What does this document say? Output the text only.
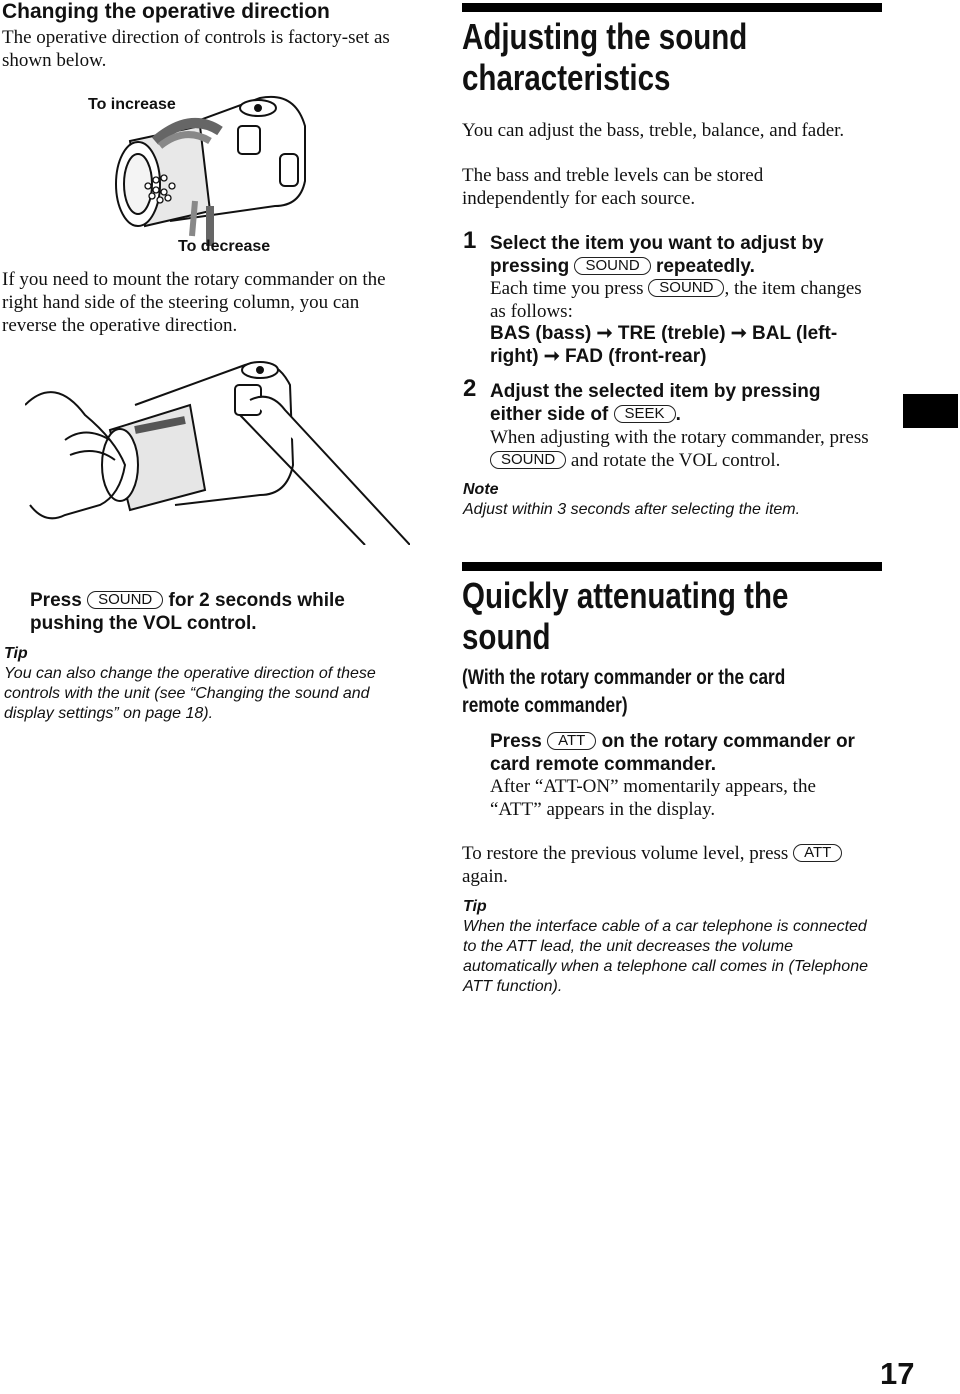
Changing the operative direction
The operative direction of controls is factory-set as shown below.
To increase
To decrease
If you need to mount the rotary commander on the right hand side of the steering column, you can reverse the operative direction.
Press SOUND for 2 seconds while pushing the VOL control.
Tip
You can also change the operative direction of these controls with the unit (see “Changing the sound and display settings” on page 18).
Adjusting the sound
characteristics
You can adjust the bass, treble, balance, and fader.
The bass and treble levels can be stored independently for each source.
1 Select the item you want to adjust by pressing SOUND repeatedly.
Each time you press SOUND , the item changes as follows:
BAS (bass) ➞ TRE (treble) ➞ BAL (left-right) ➞ FAD (front-rear)
2 Adjust the selected item by pressing either side of SEEK .
When adjusting with the rotary commander, press SOUND and rotate the VOL control.
Note
Adjust within 3 seconds after selecting the item.
Quickly attenuating the
sound
(With the rotary commander or the card
remote commander)
Press ATT on the rotary commander or card remote commander.
After “ATT-ON” momentarily appears, the “ATT” appears in the display.
To restore the previous volume level, press ATT again.
Tip
When the interface cable of a car telephone is connected to the ATT lead, the unit decreases the volume automatically when a telephone call comes in (Telephone ATT function).
17
